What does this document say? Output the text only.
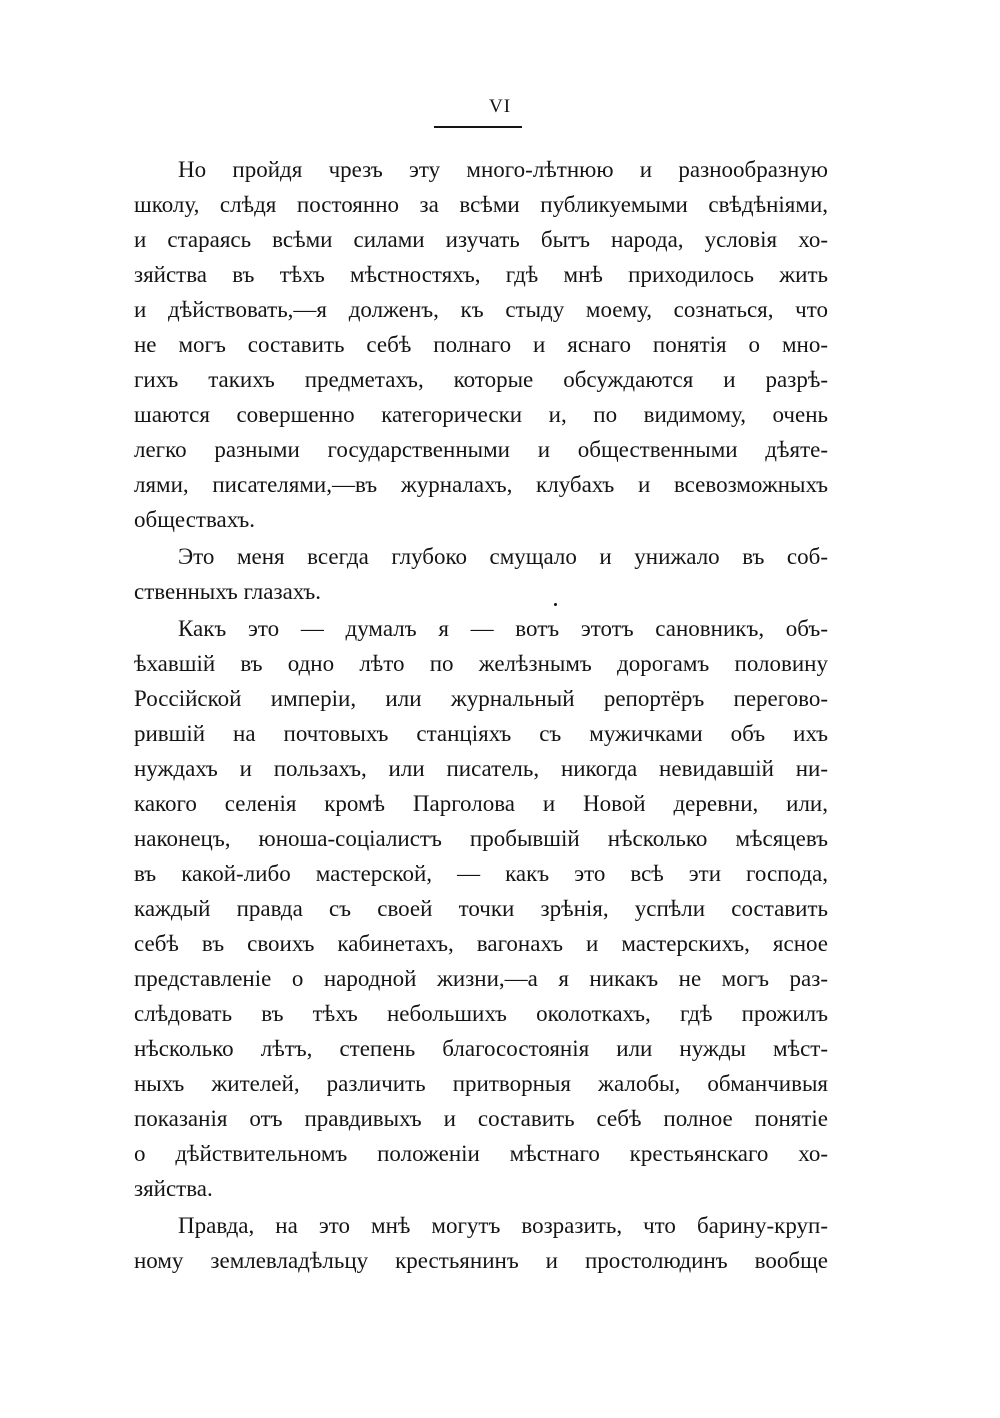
VI
Но пройдя чрезъ эту много-лѣтнюю и разнообразную
школу, слѣдя постоянно за всѣми публикуемыми свѣдѣніями,
и стараясь всѣми силами изучать бытъ народа, условія хо-
зяйства въ тѣхъ мѣстностяхъ, гдѣ мнѣ приходилось жить
и дѣйствовать,—я долженъ, къ стыду моему, сознаться, что
не могъ составить себѣ полнаго и яснаго понятія о мно-
гихъ такихъ предметахъ, которые обсуждаются и разрѣ-
шаются совершенно категорически и, по видимому, очень
легко разными государственными и общественными дѣяте-
лями, писателями,—въ журналахъ, клубахъ и всевозможныхъ
обществахъ.
Это меня всегда глубоко смущало и унижало въ соб-
ственныхъ глазахъ.
Какъ это — думалъ я — вотъ этотъ сановникъ, объ-
ѣхавшій въ одно лѣто по желѣзнымъ дорогамъ половину
Россійской имперіи, или журнальный репортёръ перегово-
рившій на почтовыхъ станціяхъ съ мужичками объ ихъ
нуждахъ и пользахъ, или писатель, никогда невидавшій ни-
какого селенія кромѣ Парголова и Новой деревни, или,
наконецъ, юноша-соціалистъ пробывшій нѣсколько мѣсяцевъ
въ какой-либо мастерской, — какъ это всѣ эти господа,
каждый правда съ своей точки зрѣнія, успѣли составить
себѣ въ своихъ кабинетахъ, вагонахъ и мастерскихъ, ясное
представленіе о народной жизни,—а я никакъ не могъ раз-
слѣдовать въ тѣхъ небольшихъ околоткахъ, гдѣ прожилъ
нѣсколько лѣтъ, степень благосостоянія или нужды мѣст-
ныхъ жителей, различить притворныя жалобы, обманчивыя
показанія отъ правдивыхъ и составить себѣ полное понятіе
о дѣйствительномъ положеніи мѣстнаго крестьянскаго хо-
зяйства.
Правда, на это мнѣ могутъ возразить, что барину-круп-
ному землевладѣльцу крестьянинъ и простолюдинъ вообще
